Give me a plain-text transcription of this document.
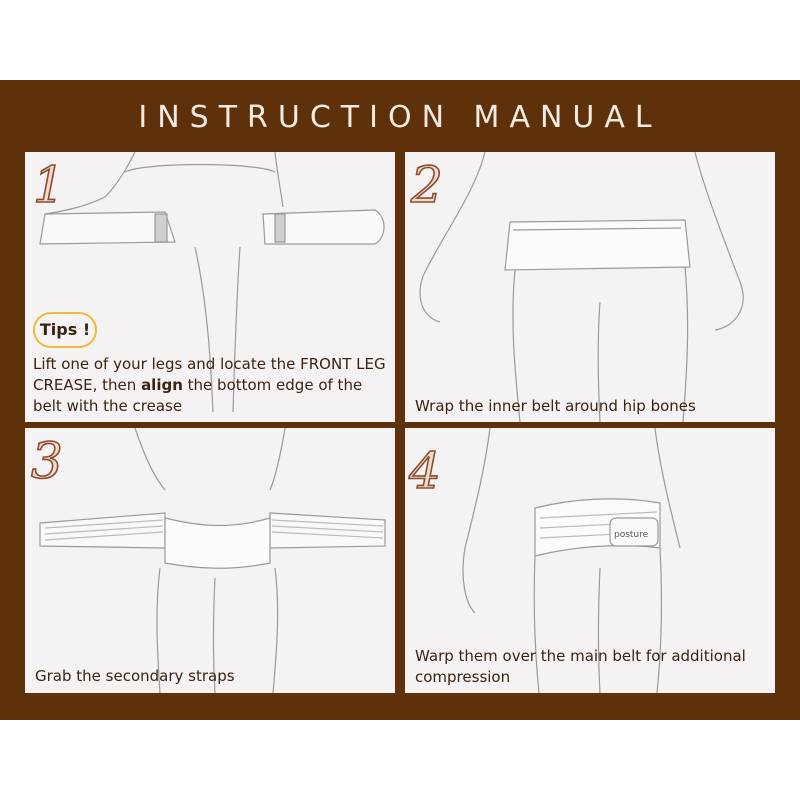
INSTRUCTION MANUAL
1
Tips !
Lift one of your legs and locate the FRONT LEG CREASE, then align the bottom edge of the belt with the crease
2
Wrap the inner belt around hip bones
3
Grab the secondary straps
posture
4
Warp them over the main belt for additional compression
